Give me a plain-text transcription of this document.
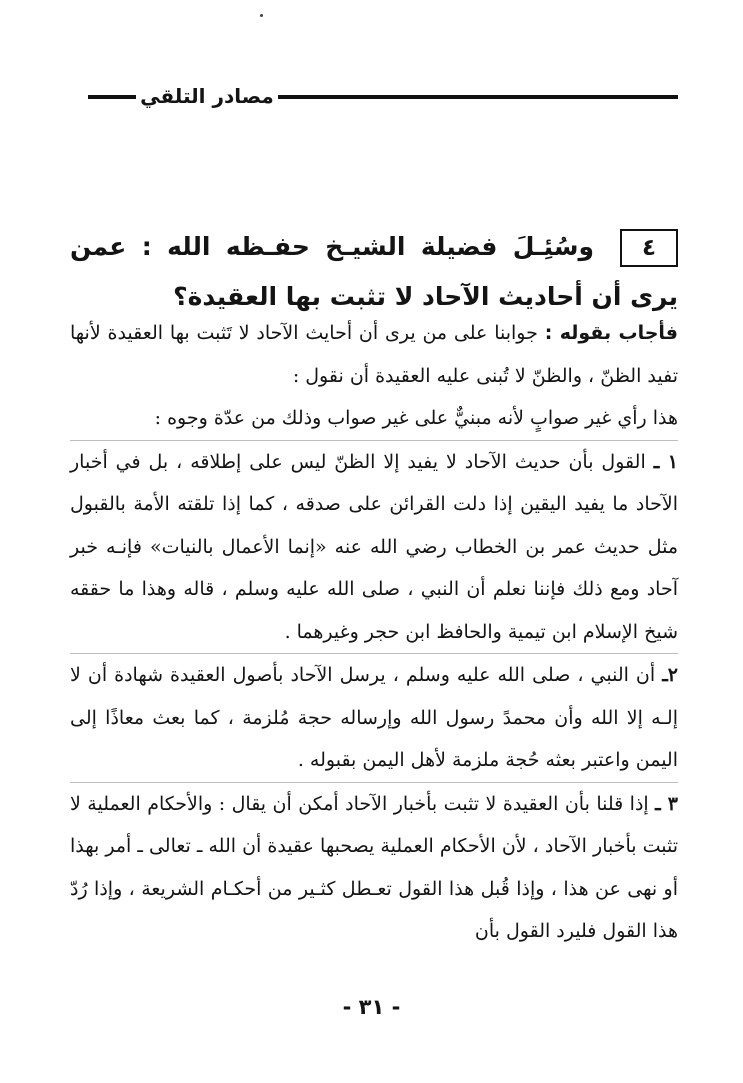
مصادر التلقي
٤وسُئِـلَ فضيلة الشيـخ حفـظه الله : عمن يرى أن أحاديث الآحاد لا تثبت بها العقيدة؟

فأجاب بقوله : جوابنا على من يرى أن أحايث الآحاد لا تَثبت بها العقيدة لأنها تفيد الظنّ ، والظنّ لا تُبنى عليه العقيدة أن نقول :

هذا رأي غير صوابٍ لأنه مبنيٌّ على غير صواب وذلك من عدّة وجوه :

١ ـ القول بأن حديث الآحاد لا يفيد إلا الظنّ ليس على إطلاقه ، بل في أخبار الآحاد ما يفيد اليقين إذا دلت القرائن على صدقه ، كما إذا تلقته الأمة بالقبول مثل حديث عمر بن الخطاب رضي الله عنه «إنما الأعمال بالنيات» فإنـه خبر آحاد ومع ذلك فإننا نعلم أن النبي ، صلى الله عليه وسلم ، قاله وهذا ما حققه شيخ الإسلام ابن تيمية والحافظ ابن حجر وغيرهما .

٢ـ أن النبي ، صلى الله عليه وسلم ، يرسل الآحاد بأصول العقيدة شهادة أن لا إلـه إلا الله وأن محمدً رسول الله وإرساله حجة مُلزمة ، كما بعث معاذًا إلى اليمن واعتبر بعثه حُجة ملزمة لأهل اليمن بقبوله .

٣ ـ إذا قلنا بأن العقيدة لا تثبت بأخبار الآحاد أمكن أن يقال : والأحكام العملية لا تثبت بأخبار الآحاد ، لأن الأحكام العملية يصحبها عقيدة أن الله ـ تعالى ـ أمر بهذا أو نهى عن هذا ، وإذا قُبل هذا القول تعـطل كثـير من أحكـام الشريعة ، وإذا رُدّ هذا القول فليرد القول بأن

- ٣١ -
